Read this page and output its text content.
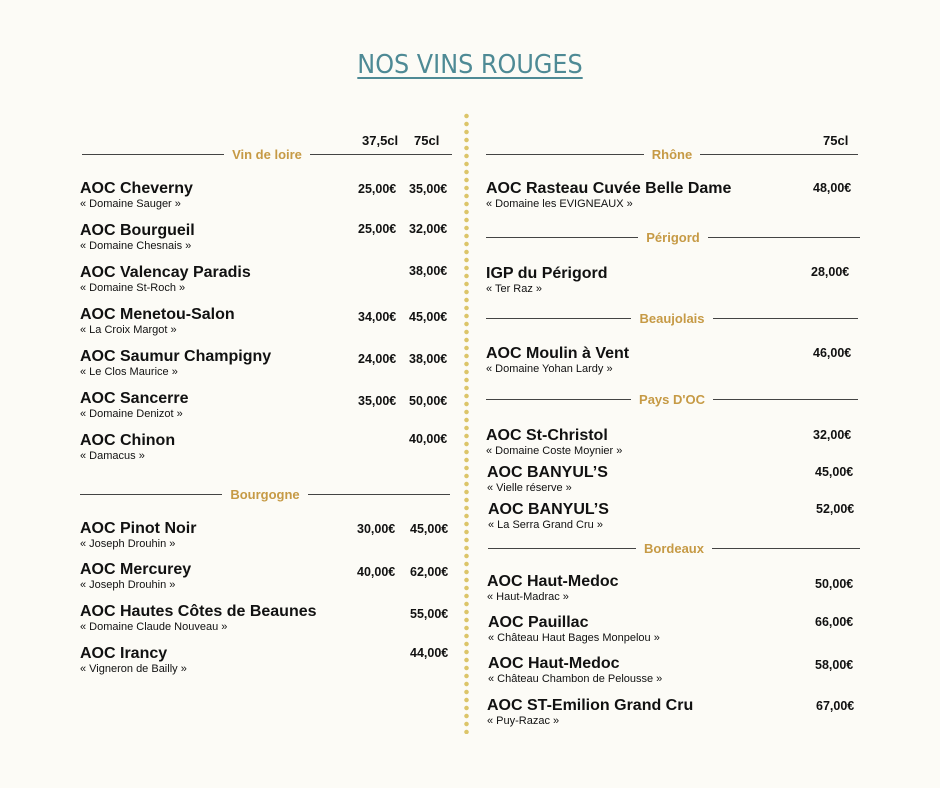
NOS VINS ROUGES
37,5cl 75cl
Vin de loire
AOC Cheverny
« Domaine Sauger »
25,00€ 35,00€
AOC Bourgueil
« Domaine Chesnais »
25,00€ 32,00€
AOC Valencay Paradis
« Domaine St-Roch »
38,00€
AOC Menetou-Salon
« La Croix Margot »
34,00€ 45,00€
AOC Saumur Champigny
« Le Clos Maurice »
24,00€ 38,00€
AOC Sancerre
« Domaine Denizot »
35,00€ 50,00€
AOC Chinon
« Damacus »
40,00€
Bourgogne
AOC Pinot Noir
« Joseph Drouhin »
30,00€ 45,00€
AOC Mercurey
« Joseph Drouhin »
40,00€ 62,00€
AOC Hautes Côtes de Beaunes
« Domaine Claude Nouveau »
55,00€
AOC Irancy
« Vigneron de Bailly »
44,00€
75cl
Rhône
AOC Rasteau Cuvée Belle Dame
« Domaine les EVIGNEAUX »
48,00€
Périgord
IGP du Périgord
« Ter Raz »
28,00€
Beaujolais
AOC Moulin à Vent
« Domaine Yohan Lardy »
46,00€
Pays D'OC
AOC St-Christol
« Domaine Coste Moynier »
32,00€
AOC BANYUL’S
« Vielle réserve »
45,00€
AOC BANYUL’S
« La Serra Grand Cru »
52,00€
Bordeaux
AOC Haut-Medoc
« Haut-Madrac »
50,00€
AOC Pauillac
« Château Haut Bages Monpelou »
66,00€
AOC Haut-Medoc
« Château Chambon de Pelousse »
58,00€
AOC ST-Emilion Grand Cru
« Puy-Razac »
67,00€
